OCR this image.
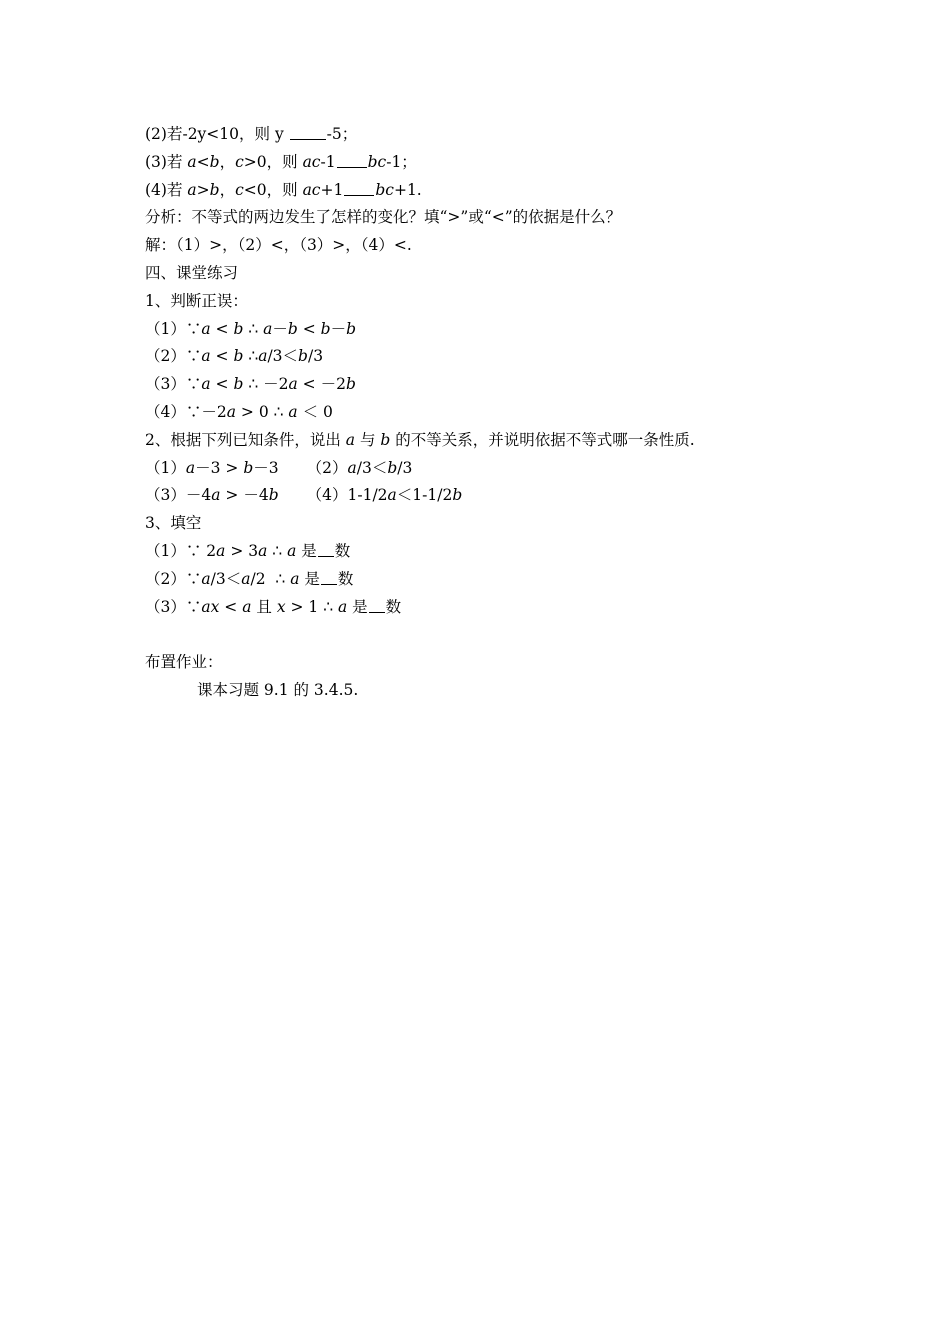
(2)若-2y<10，则 y -5；
(3)若 a < b ， c >0，则 ac -1 bc -1；
(4)若 a > b ， c <0，则 ac +1 bc +1.
分析：不等式的两边发生了怎样的变化？填“>”或“<”的依据是什么？
解：（1）>，（2）<，（3）>，（4）<.
四、课堂练习
1、判断正误：
（1）∵ a < b ∴ a － b < b － b
（2）∵ a < b ∴ a /3＜ b /3
（3）∵ a < b ∴ －2 a < －2 b
（4）∵－2 a > 0 ∴ a ＜ 0
2、根据下列已知条件，说出 a 与 b 的不等关系，并说明依据不等式哪一条性质.
（1） a －3 > b －3 （2） a /3＜ b /3
（3）－4 a > －4 b （4）1-1/2 a ＜1-1/2 b
3、填空
（1）∵ 2 a > 3 a ∴ a 是 数
（2）∵ a /3＜ a /2  ∴ a 是 数
（3）∵ ax < a 且 x > 1 ∴ a 是 数
布置作业：
课本习题 9.1 的 3.4.5.
